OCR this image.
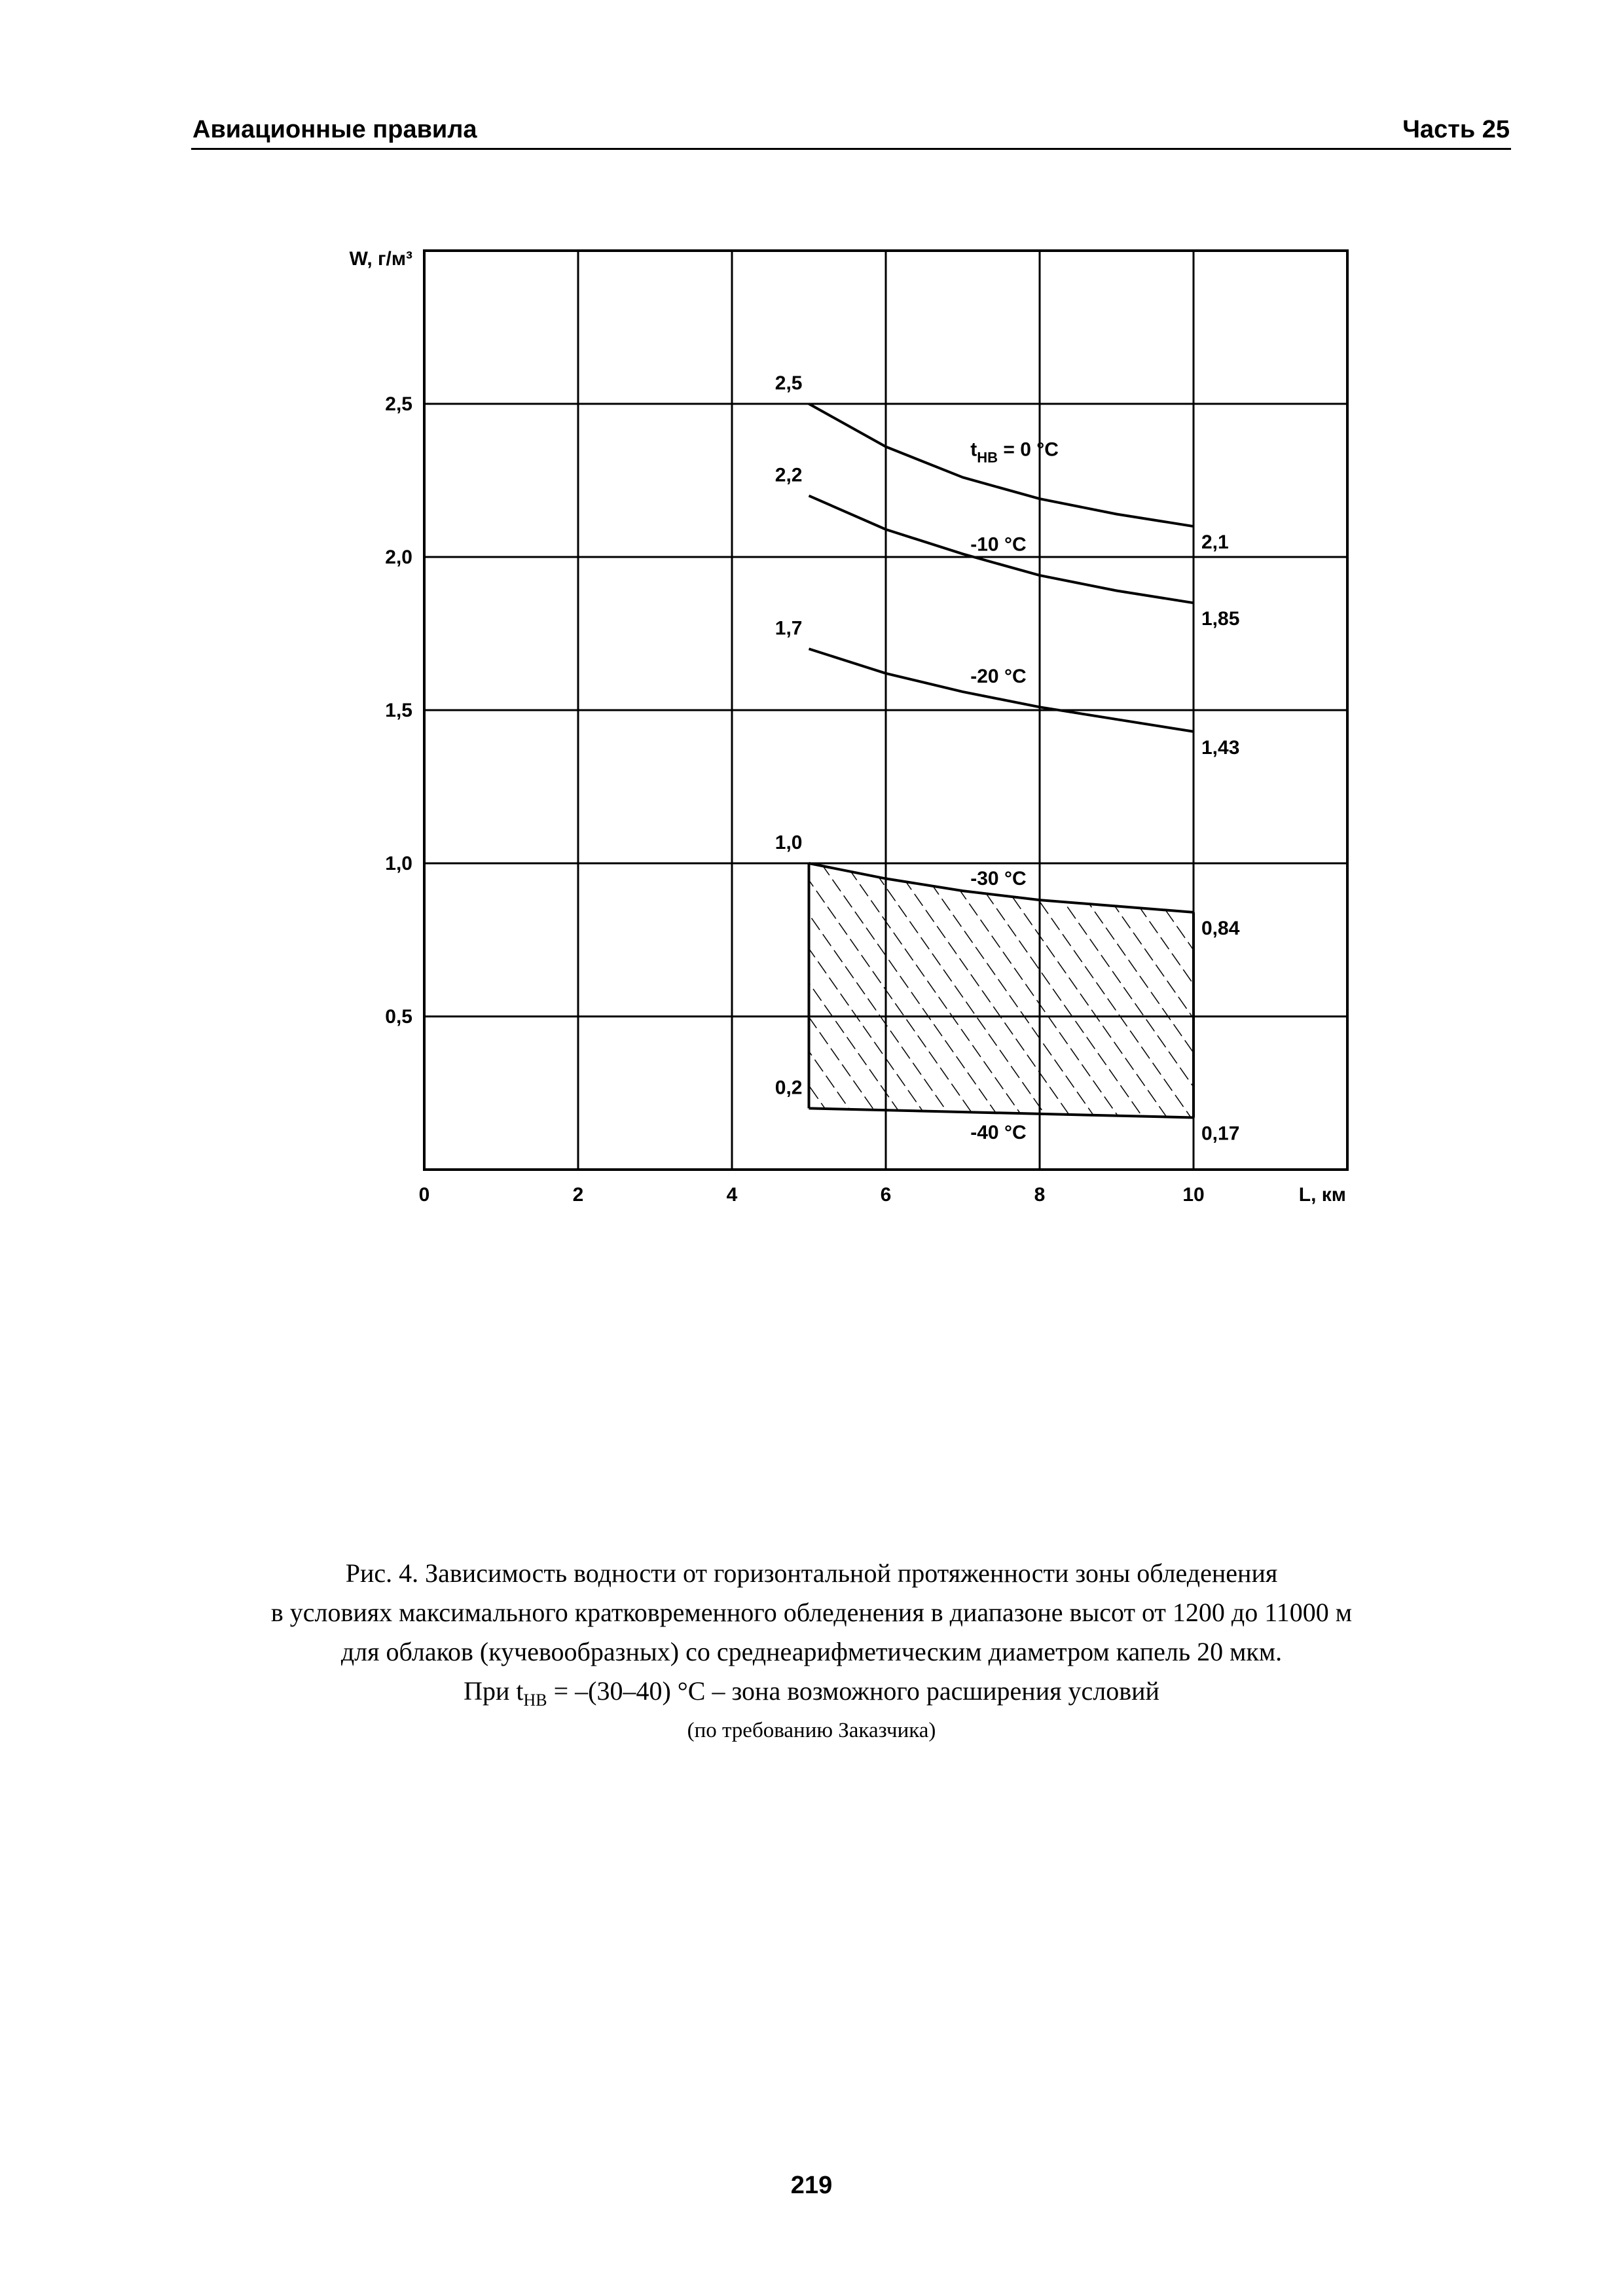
Авиационные правила	Часть 25
2,5
2,1
$t_{НВ} = 0$ °С
2,2
1,85
-10 °С
1,7
1,43
-20 °С
1,0
0,84
-30 °С
0,2
0,17
-40 °С
0	2	4	6	8	10
0,5
1,0
1,5
2,0
2,5
L, км
W, г/м³
Рис. 4. Зависимость водности от горизонтальной протяженности зоны обледенения
в условиях максимального кратковременного обледенения в диапазоне высот от 1200 до 11000 м
для облаков (кучевообразных) со среднеарифметическим диаметром капель 20 мкм.
При $t_{НВ} = -(30-40)$ °С – зона возможного расширения условий
(по требованию Заказчика)
219
